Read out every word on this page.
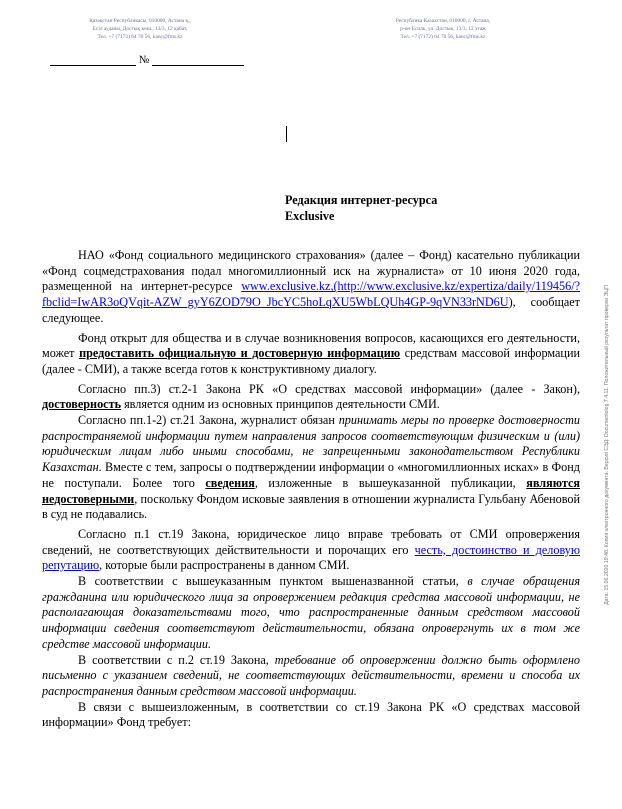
Қазақстан Республикасы, 010000, Астана қ.,
Есіл ауданы, Достық көш., 13/3, 12 қабат,
Тел. +7 (7172) 64 70 56, kanc@fms.kz
Республика Казахстан, 010000, г. Астана,
р-он Есиль, ул. Достык, 13/3, 12 этаж
Тел. +7 (7172) 64 70 56, kanc@fms.kz
№
Редакция интернет-ресурса
Exclusive

НАО «Фонд социального медицинского страхования» (далее – Фонд) касательно публикации «Фонд соцмедстрахования подал многомиллионный иск на журналиста» от 10 июня 2020 года, размещенной на интернет-ресурсе www.exclusive.kz,(http://www.exclusive.kz/expertiza/daily/119456/?fbclid=IwAR3oQVqit-AZW_gyY6ZOD79O_JbcYC5hoLqXU5WbLQUh4GP-9qVN33rND6U), сообщает следующее.

Фонд открыт для общества и в случае возникновения вопросов, касающихся его деятельности, может предоставить официальную и достоверную информацию средствам массовой информации (далее - СМИ), а также всегда готов к конструктивному диалогу.

Согласно пп.3) ст.2-1 Закона РК «О средствах массовой информации» (далее - Закон), достоверность является одним из основных принципов деятельности СМИ.

Согласно пп.1-2) ст.21 Закона, журналист обязан принимать меры по проверке достоверности распространяемой информации путем направления запросов соответствующим физическим и (или) юридическим лицам либо иными способами, не запрещенными законодательством Республики Казахстан. Вместе с тем, запросы о подтверждении информации о «многомиллионных исках» в Фонд не поступали. Более того сведения, изложенные в вышеуказанной публикации, являются недостоверными, поскольку Фондом исковые заявления в отношении журналиста Гульбану Абеновой в суд не подавались.

Согласно п.1 ст.19 Закона, юридическое лицо вправе требовать от СМИ опровержения сведений, не соответствующих действительности и порочащих его честь, достоинство и деловую репутацию, которые были распространены в данном СМИ.

В соответствии с вышеуказанным пунктом вышеназванной статьи, в случае обращения гражданина или юридического лица за опровержением редакция средства массовой информации, не располагающая доказательствами того, что распространенные данным средством массовой информации сведения соответствуют действительности, обязана опровергнуть их в том же средстве массовой информации.

В соответствии с п.2 ст.19 Закона, требование об опровержении должно быть оформлено письменно с указанием сведений, не соответствующих действительности, времени и способа их распространения данным средством массовой информации.

В связи с вышеизложенным, в соответствии со ст.19 Закона РК «О средствах массовой информации» Фонд требует:

Дата: 15.06.2020 19:48. Копия электронного документа. Версия СЭД: Documentolog 7.4.11. Положительный результат проверки ЭЦП
